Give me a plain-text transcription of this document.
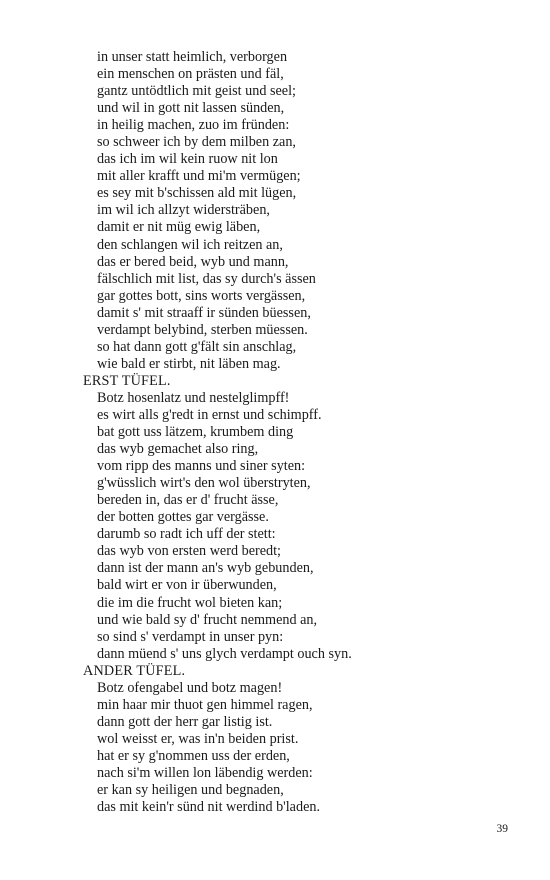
in unser statt heimlich, verborgen
ein menschen on prästen und fäl,
gantz untödtlich mit geist und seel;
und wil in gott nit lassen sünden,
in heilig machen, zuo im fründen:
so schweer ich by dem milben zan,
das ich im wil kein ruow nit lon
mit aller krafft und mi'm vermügen;
es sey mit b'schissen ald mit lügen,
im wil ich allzyt widersträben,
damit er nit müg ewig läben,
den schlangen wil ich reitzen an,
das er bered beid, wyb und mann,
fälschlich mit list, das sy durch's ässen
gar gottes bott, sins worts vergässen,
damit s' mit straaff ir sünden büessen,
verdampt belybind, sterben müessen.
so hat dann gott g'fält sin anschlag,
wie bald er stirbt, nit läben mag.
ERST TÜFEL.
Botz hosenlatz und nestelglimpff!
es wirt alls g'redt in ernst und schimpff.
bat gott uss lätzem, krumbem ding
das wyb gemachet also ring,
vom ripp des manns und siner syten:
g'wüsslich wirt's den wol überstryten,
bereden in, das er d' frucht ässe,
der botten gottes gar vergässe.
darumb so radt ich uff der stett:
das wyb von ersten werd beredt;
dann ist der mann an's wyb gebunden,
bald wirt er von ir überwunden,
die im die frucht wol bieten kan;
und wie bald sy d' frucht nemmend an,
so sind s' verdampt in unser pyn:
dann müend s' uns glych verdampt ouch syn.
ANDER TÜFEL.
Botz ofengabel und botz magen!
min haar mir thuot gen himmel ragen,
dann gott der herr gar listig ist.
wol weisst er, was in'n beiden prist.
hat er sy g'nommen uss der erden,
nach si'm willen lon läbendig werden:
er kan sy heiligen und begnaden,
das mit kein'r sünd nit werdind b'laden.
39
